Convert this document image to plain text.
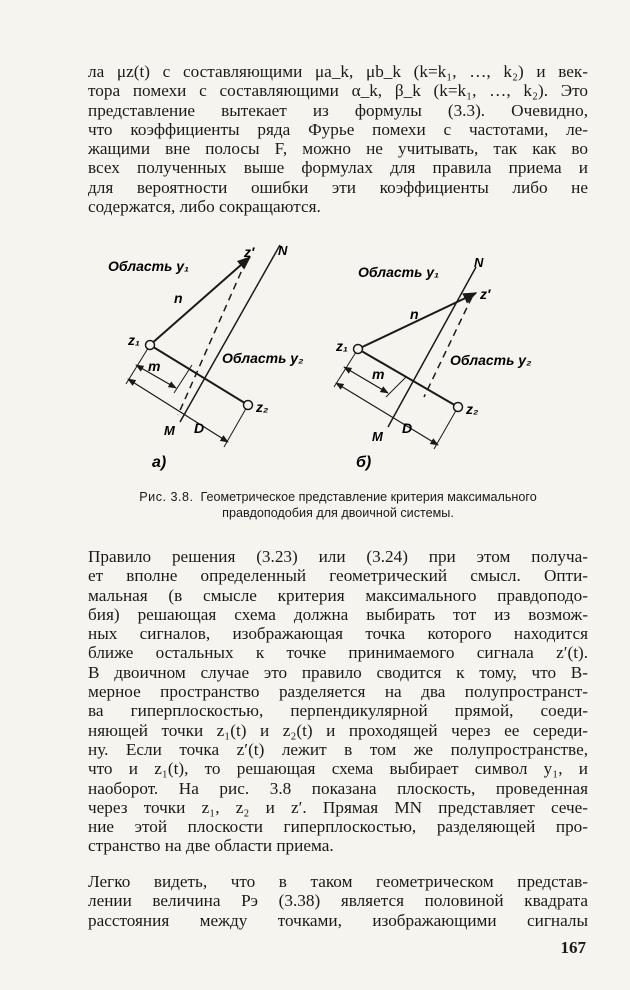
ла μz(t) с составляющими μa_k, μb_k (k=k₁, …, k₂) и век-
тора помехи с составляющими α_k, β_k (k=k₁, …, k₂). Это
представление вытекает из формулы (3.3). Очевидно,
что коэффициенты ряда Фурье помехи с частотами, ле-
жащими вне полосы F, можно не учитывать, так как во
всех полученных выше формулах для правила приема и
для вероятности ошибки эти коэффициенты либо не
содержатся, либо сокращаются.
Область y₁
Область y₂
z₁
z₂
z′ N
n
m
M D
а)
Область y₁
Область y₂
z₁
z₂
z′
N
n
m
M
D
б)
Рис. 3.8. Геометрическое представление критерия максимального
правдоподобия для двоичной системы.
Правило решения (3.23) или (3.24) при этом получа-
ет вполне определенный геометрический смысл. Опти-
мальная (в смысле критерия максимального правдоподо-
бия) решающая схема должна выбирать тот из возмож-
ных сигналов, изображающая точка которого находится
ближе остальных к точке принимаемого сигнала z′(t).
В двоичном случае это правило сводится к тому, что B-
мерное пространство разделяется на два полупространст-
ва гиперплоскостью, перпендикулярной прямой, соеди-
няющей точки z₁(t) и z₂(t) и проходящей через ее середи-
ну. Если точка z′(t) лежит в том же полупространстве,
что и z₁(t), то решающая схема выбирает символ y₁, и
наоборот. На рис. 3.8 показана плоскость, проведенная
через точки z₁, z₂ и z′. Прямая MN представляет сече-
ние этой плоскости гиперплоскостью, разделяющей про-
странство на две области приема.
Легко видеть, что в таком геометрическом представ-
лении величина Pэ (3.38) является половиной квадрата
расстояния между точками, изображающими сигналы
167
